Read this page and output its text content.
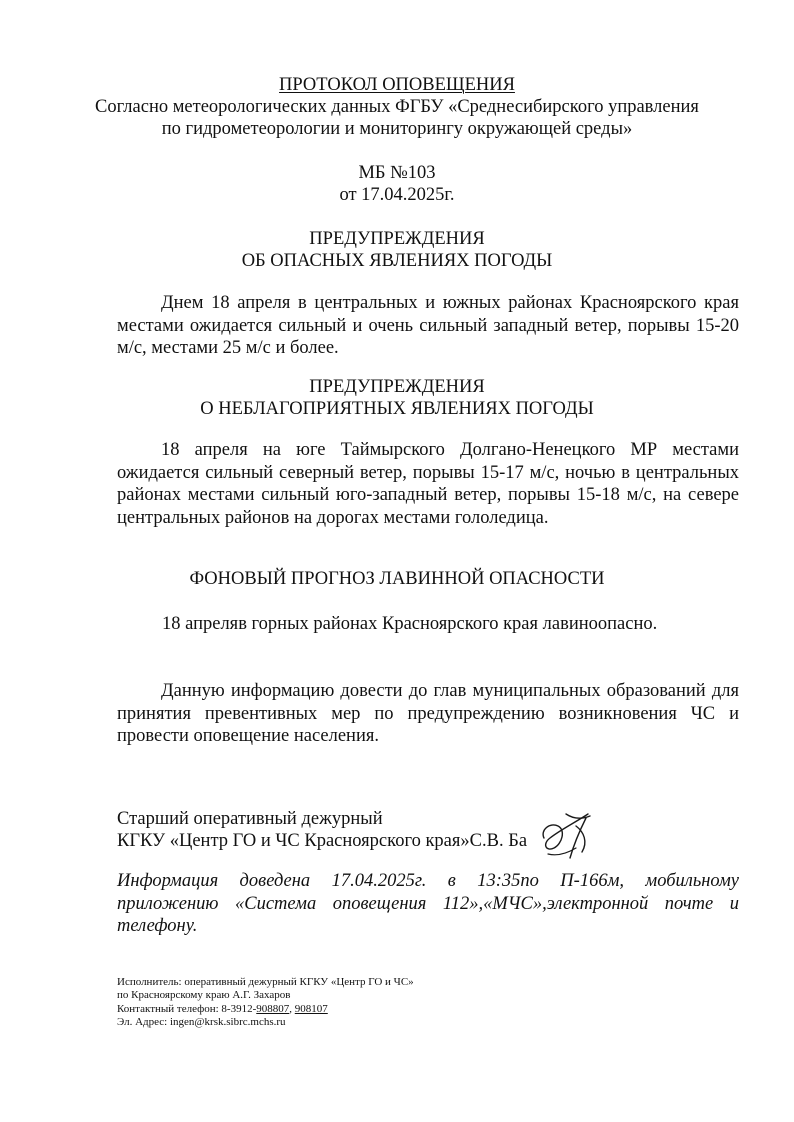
ПРОТОКОЛ ОПОВЕЩЕНИЯ
Согласно метеорологических данных ФГБУ «Среднесибирского управления
по гидрометеорологии и мониторингу окружающей среды»
МБ №103
от 17.04.2025г.
ПРЕДУПРЕЖДЕНИЯ
ОБ ОПАСНЫХ ЯВЛЕНИЯХ ПОГОДЫ
Днем 18 апреля в центральных и южных районах Красноярского края местами ожидается сильный и очень сильный западный ветер, порывы 15-20 м/с, местами 25 м/с и более.
ПРЕДУПРЕЖДЕНИЯ
О НЕБЛАГОПРИЯТНЫХ ЯВЛЕНИЯХ ПОГОДЫ
18 апреля на юге Таймырского Долгано-Ненецкого МР местами ожидается сильный северный ветер, порывы 15-17 м/с, ночью в центральных районах местами сильный юго-западный ветер, порывы 15-18 м/с, на севере центральных районов на дорогах местами гололедица.
ФОНОВЫЙ ПРОГНОЗ ЛАВИННОЙ ОПАСНОСТИ
18 апреляв горных районах Красноярского края лавиноопасно.
Данную информацию довести до глав муниципальных образований для принятия превентивных мер по предупреждению возникновения ЧС и провести оповещение населения.
Старший оперативный дежурный
КГКУ «Центр ГО и ЧС Красноярского края»С.В. Ба
Информация доведена 17.04.2025г. в 13:35по П-166м, мобильному приложению «Система оповещения 112»,«МЧС»,электронной почте и телефону.
Исполнитель: оперативный дежурный КГКУ «Центр ГО и ЧС»
по Красноярскому краю А.Г. Захаров
Контактный телефон: 8-3912-908807, 908107
Эл. Адрес: ingen@krsk.sibrc.mchs.ru
